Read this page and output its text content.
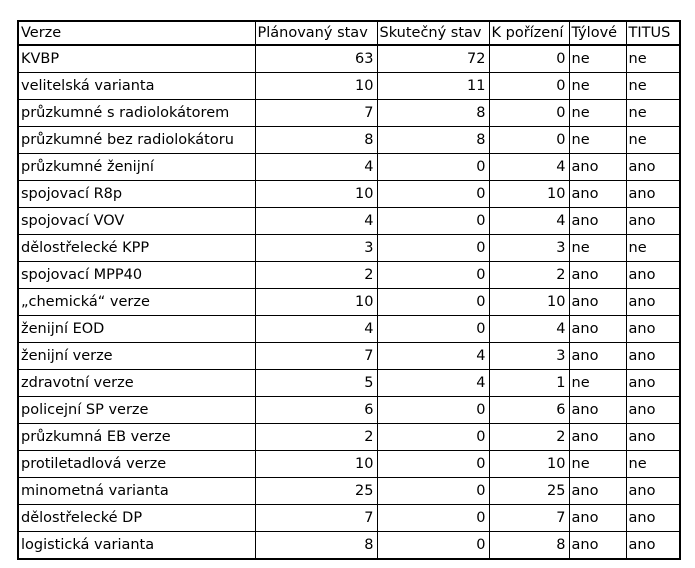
Verze	Plánovaný stav	Skutečný stav	K pořízení	Týlové	TITUS
KVBP	63	72	0	ne	ne
velitelská varianta	10	11	0	ne	ne
průzkumné s radiolokátorem	7	8	0	ne	ne
průzkumné bez radiolokátoru	8	8	0	ne	ne
průzkumné ženijní	4	0	4	ano	ano
spojovací R8p	10	0	10	ano	ano
spojovací VOV	4	0	4	ano	ano
dělostřelecké KPP	3	0	3	ne	ne
spojovací MPP40	2	0	2	ano	ano
„chemická“ verze	10	0	10	ano	ano
ženijní EOD	4	0	4	ano	ano
ženijní verze	7	4	3	ano	ano
zdravotní verze	5	4	1	ne	ano
policejní SP verze	6	0	6	ano	ano
průzkumná EB verze	2	0	2	ano	ano
protiletadlová verze	10	0	10	ne	ne
minometná varianta	25	0	25	ano	ano
dělostřelecké DP	7	0	7	ano	ano
logistická varianta	8	0	8	ano	ano
